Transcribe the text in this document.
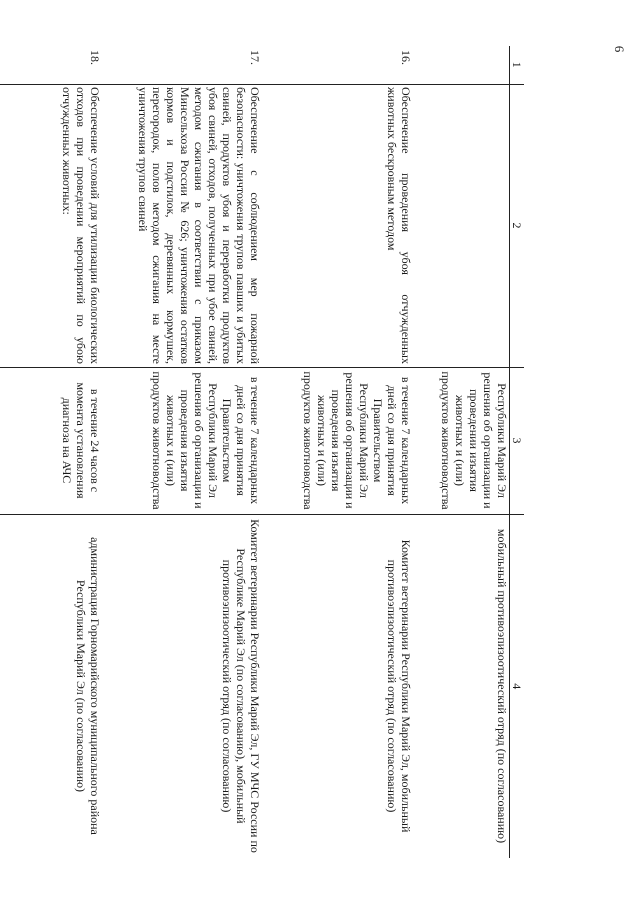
6
1	2	3	4
		Республики Марий Эл решения об организации и проведении изъятия животных и (или) продуктов животноводства	мобильный противоэпизоотический отряд (по согласованию)
16.	Обеспечение проведения убоя отчужденных животных бескровным методом	в течение 7 календарных дней со дня принятия Правительством Республики Марий Эл решения об организации и проведения изъятия животных и (или) продуктов животноводства	Комитет ветеринарии Республики Марий Эл, мобильный противоэпизоотический отряд (по согласованию)
17.	Обеспечение с соблюдением мер пожарной безопасности: уничтожения трупов павших и убитых свиней, продуктов убоя и переработки продуктов убоя свиней, отходов, полученных при убое свиней, методом сжигания в соответствии с приказом Минсельхоза России № 626; уничтожения остатков кормов и подстилок, деревянных кормушек, перегородок, полов методом сжигания на месте уничтожения трупов свиней	в течение 7 календарных дней со дня принятия Правительством Республики Марий Эл решения об организации и проведения изъятия животных и (или) продуктов животноводства	Комитет ветеринарии Республики Марий Эл, ГУ МЧС России по Республике Марий Эл (по согласованию), мобильный противоэпизоотический отряд (по согласованию)
18.	Обеспечение условий для утилизации биологических отходов при проведении мероприятий по убою отчужденных животных:	в течение 24 часов с момента установления диагноза на АЧС	администрация Горномарийского муниципального района Республики Марий Эл (по согласованию)
